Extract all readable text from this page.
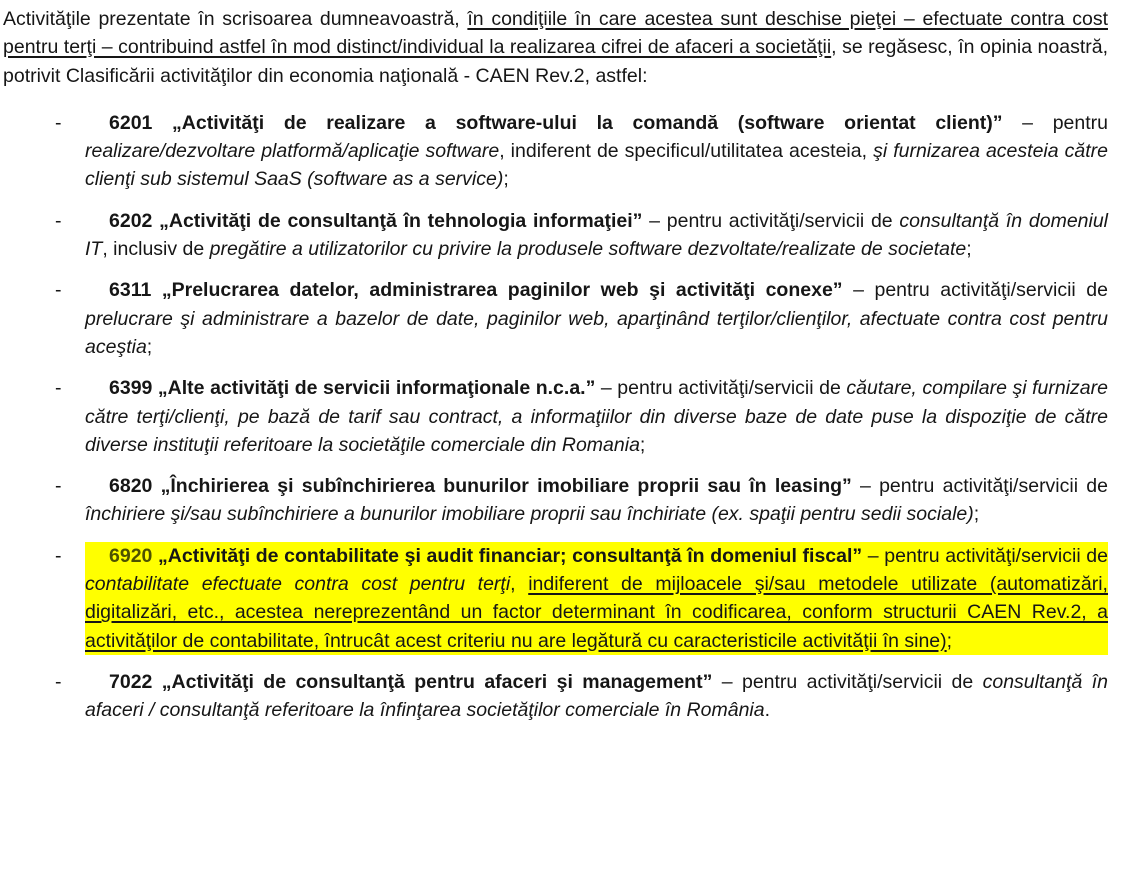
Activităţile prezentate în scrisoarea dumneavoastră, în condiţiile în care acestea sunt deschise pieţei – efectuate contra cost pentru terţi – contribuind astfel în mod distinct/individual la realizarea cifrei de afaceri a societăţii, se regăsesc, în opinia noastră, potrivit Clasificării activităţilor din economia naţională - CAEN Rev.2, astfel:

-	6201 „Activităţi de realizare a software-ului la comandă (software orientat client)” – pentru realizare/dezvoltare platformă/aplicaţie software, indiferent de specificul/utilitatea acesteia, şi furnizarea acesteia către clienţi sub sistemul SaaS (software as a service);

-	6202 „Activităţi de consultanţă în tehnologia informaţiei” – pentru activităţi/servicii de consultanţă în domeniul IT, inclusiv de pregătire a utilizatorilor cu privire la produsele software dezvoltate/realizate de societate;

-	6311 „Prelucrarea datelor, administrarea paginilor web şi activităţi conexe” – pentru activităţi/servicii de prelucrare şi administrare a bazelor de date, paginilor web, aparţinând terţilor/clienţilor, afectuate contra cost pentru aceştia;

-	6399 „Alte activităţi de servicii informaţionale n.c.a.” – pentru activităţi/servicii de căutare, compilare şi furnizare către terţi/clienţi, pe bază de tarif sau contract, a informaţiilor din diverse baze de date puse la dispoziţie de către diverse instituţii referitoare la societăţile comerciale din Romania;

-	6820 „Închirierea şi subînchirierea bunurilor imobiliare proprii sau în leasing” – pentru activităţi/servicii de închiriere şi/sau subînchiriere a bunurilor imobiliare proprii sau închiriate (ex. spaţii pentru sedii sociale);

-	6920 „Activităţi de contabilitate şi audit financiar; consultanţă în domeniul fiscal” – pentru activităţi/servicii de contabilitate efectuate contra cost pentru terţi, indiferent de mijloacele şi/sau metodele utilizate (automatizări, digitalizări, etc., acestea nereprezentând un factor determinant în codificarea, conform structurii CAEN Rev.2, a activităţilor de contabilitate, întrucât acest criteriu nu are legătură cu caracteristicile activităţii în sine);

-	7022 „Activităţi de consultanţă pentru afaceri şi management” – pentru activităţi/servicii de consultanţă în afaceri / consultanţă referitoare la înfinţarea societăţilor comerciale în România.
